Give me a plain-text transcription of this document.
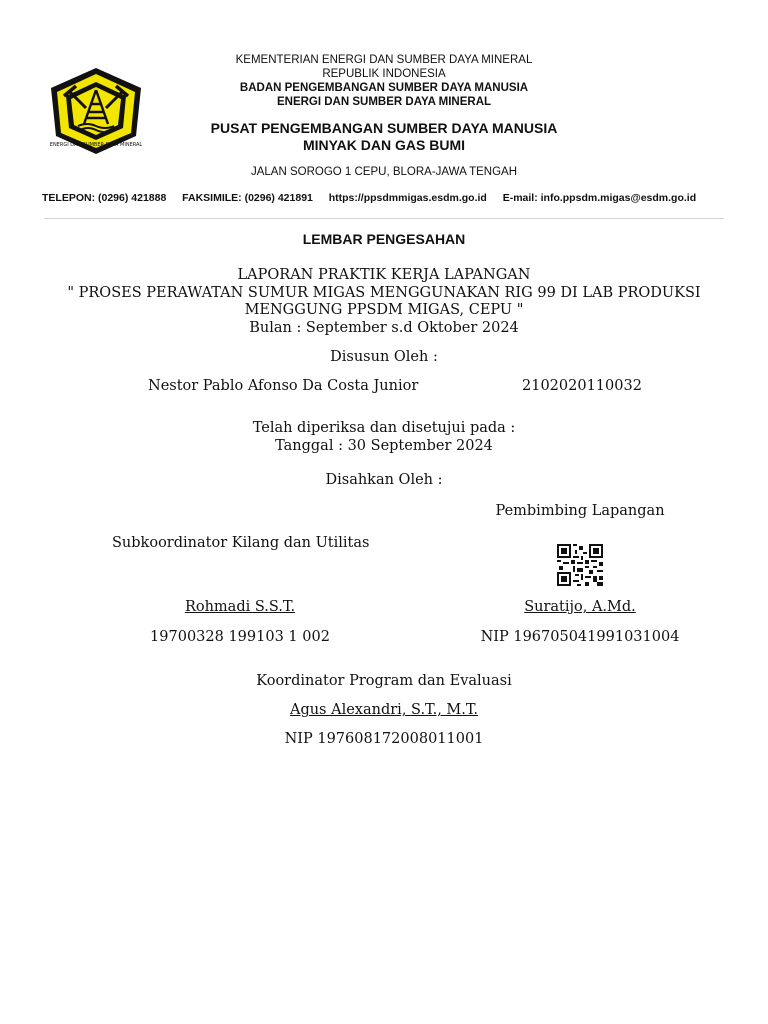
ENERGI DAN SUMBER DAYA MINERAL
KEMENTERIAN ENERGI DAN SUMBER DAYA MINERAL
REPUBLIK INDONESIA
BADAN PENGEMBANGAN SUMBER DAYA MANUSIA
ENERGI DAN SUMBER DAYA MINERAL
PUSAT PENGEMBANGAN SUMBER DAYA MANUSIA
MINYAK DAN GAS BUMI
JALAN SOROGO 1 CEPU, BLORA-JAWA TENGAH
TELEPON: (0296) 421888 FAKSIMILE: (0296) 421891 https://ppsdmmigas.esdm.go.id E-mail: info.ppsdm.migas@esdm.go.id
LEMBAR PENGESAHAN
LAPORAN PRAKTIK KERJA LAPANGAN
" PROSES PERAWATAN SUMUR MIGAS MENGGUNAKAN RIG 99 DI LAB PRODUKSI
MENGGUNG PPSDM MIGAS, CEPU "
Bulan : September s.d Oktober 2024
Disusun Oleh :
Nestor Pablo Afonso Da Costa Junior	2102020110032
Telah diperiksa dan disetujui pada :
Tanggal : 30 September 2024
Disahkan Oleh :
Pembimbing Lapangan
Subkoordinator Kilang dan Utilitas
Rohmadi S.S.T.	Suratijo, A.Md.
19700328 199103 1 002	NIP 196705041991031004
Koordinator Program dan Evaluasi
Agus Alexandri, S.T., M.T.
NIP 197608172008011001
